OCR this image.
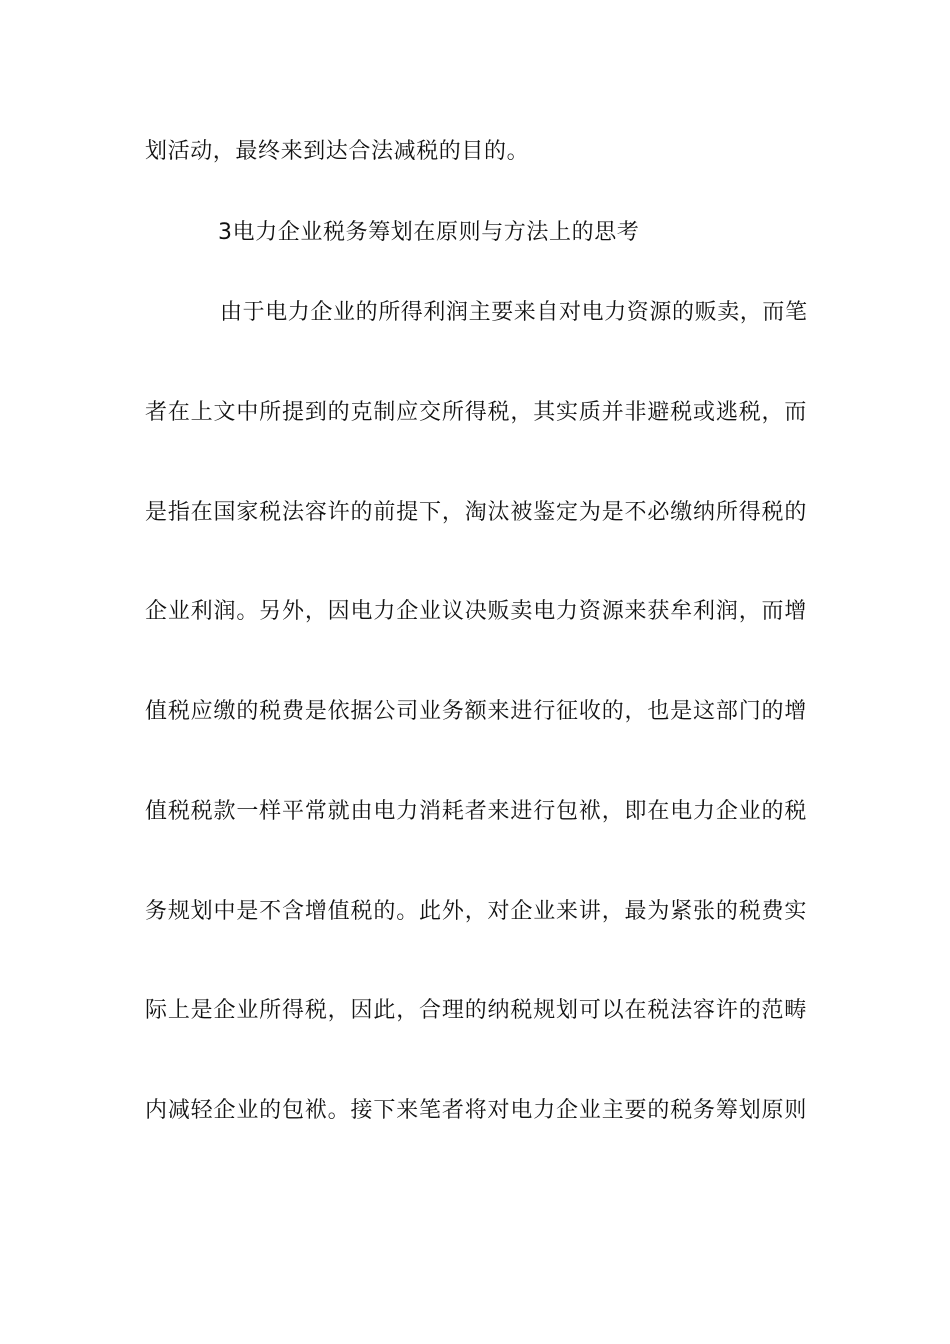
划活动，最终来到达合法减税的目的。
3电力企业税务筹划在原则与方法上的思考
由于电力企业的所得利润主要来自对电力资源的贩卖，而笔
者在上文中所提到的克制应交所得税，其实质并非避税或逃税，而
是指在国家税法容许的前提下，淘汰被鉴定为是不必缴纳所得税的
企业利润。另外，因电力企业议决贩卖电力资源来获牟利润，而增
值税应缴的税费是依据公司业务额来进行征收的，也是这部门的增
值税税款一样平常就由电力消耗者来进行包袱，即在电力企业的税
务规划中是不含增值税的。此外，对企业来讲，最为紧张的税费实
际上是企业所得税，因此，合理的纳税规划可以在税法容许的范畴
内减轻企业的包袱。接下来笔者将对电力企业主要的税务筹划原则
